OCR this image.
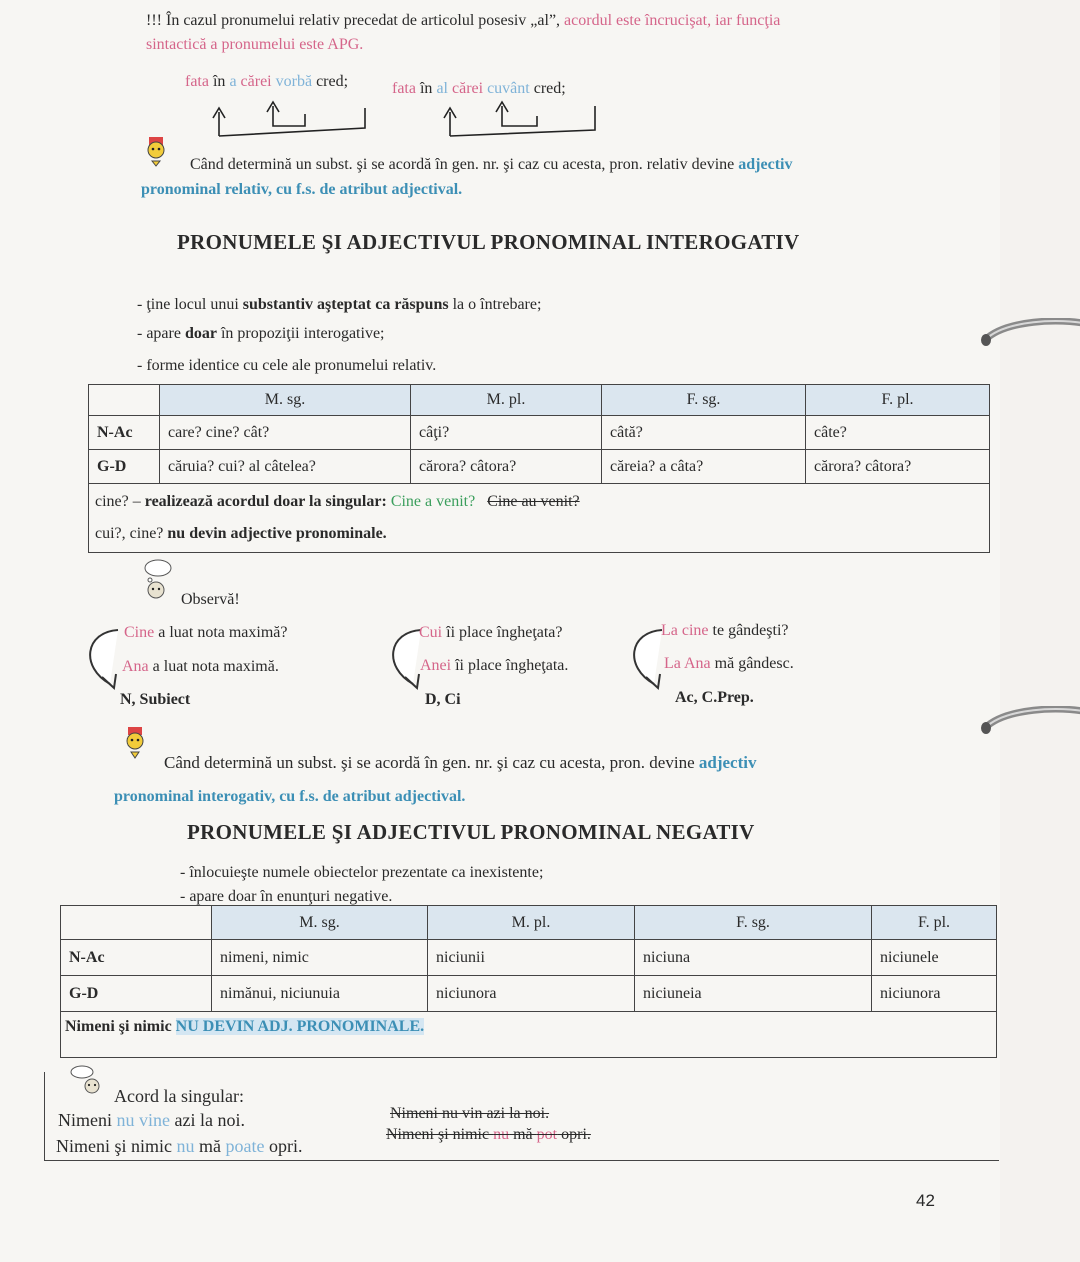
!!! În cazul pronumelui relativ precedat de articolul posesiv „al”, acordul este încrucişat, iar funcţia
sintactică a pronumelui este APG.
fata în a cărei vorbă cred;	fata în al cărei cuvânt cred;
Când determină un subst. şi se acordă în gen. nr. şi caz cu acesta, pron. relativ devine adjectiv
pronominal relativ, cu f.s. de atribut adjectival.
PRONUMELE ŞI ADJECTIVUL PRONOMINAL INTEROGATIV
- ţine locul unui substantiv aşteptat ca răspuns la o întrebare;
- apare doar în propoziţii interogative;
- forme identice cu cele ale pronumelui relativ.
	M. sg.	M. pl.	F. sg.	F. pl.
N-Ac	care? cine? cât?	câţi?	câtă?	câte?
G-D	căruia? cui? al câtelea?	cărora? câtora?	căreia? a câta?	cărora? câtora?

cine? – realizează acordul doar la singular: Cine a venit? Cine au venit?
cui?, cine? nu devin adjective pronominale.				
Observă!
Cine a luat nota maximă?
Ana a luat nota maximă.
N, Subiect
Cui îi place îngheţata?
Anei îi place îngheţata.
D, Ci
La cine te gândeşti?
La Ana mă gândesc.
Ac, C.Prep.
Când determină un subst. şi se acordă în gen. nr. şi caz cu acesta, pron. devine adjectiv
pronominal interogativ, cu f.s. de atribut adjectival.
PRONUMELE ŞI ADJECTIVUL PRONOMINAL NEGATIV
- înlocuieşte numele obiectelor prezentate ca inexistente;
- apare doar în enunţuri negative.
	M. sg.	M. pl.	F. sg.	F. pl.
N-Ac	nimeni, nimic	niciunii	niciuna	niciunele
G-D	nimănui, niciunuia	niciunora	niciuneia	niciunora
Nimeni şi nimic NU DEVIN ADJ. PRONOMINALE.				
Acord la singular:
Nimeni nu vine azi la noi.
Nimeni şi nimic nu mă poate opri.
Nimeni nu vin azi la noi.
Nimeni şi nimic nu mă pot opri.
42
